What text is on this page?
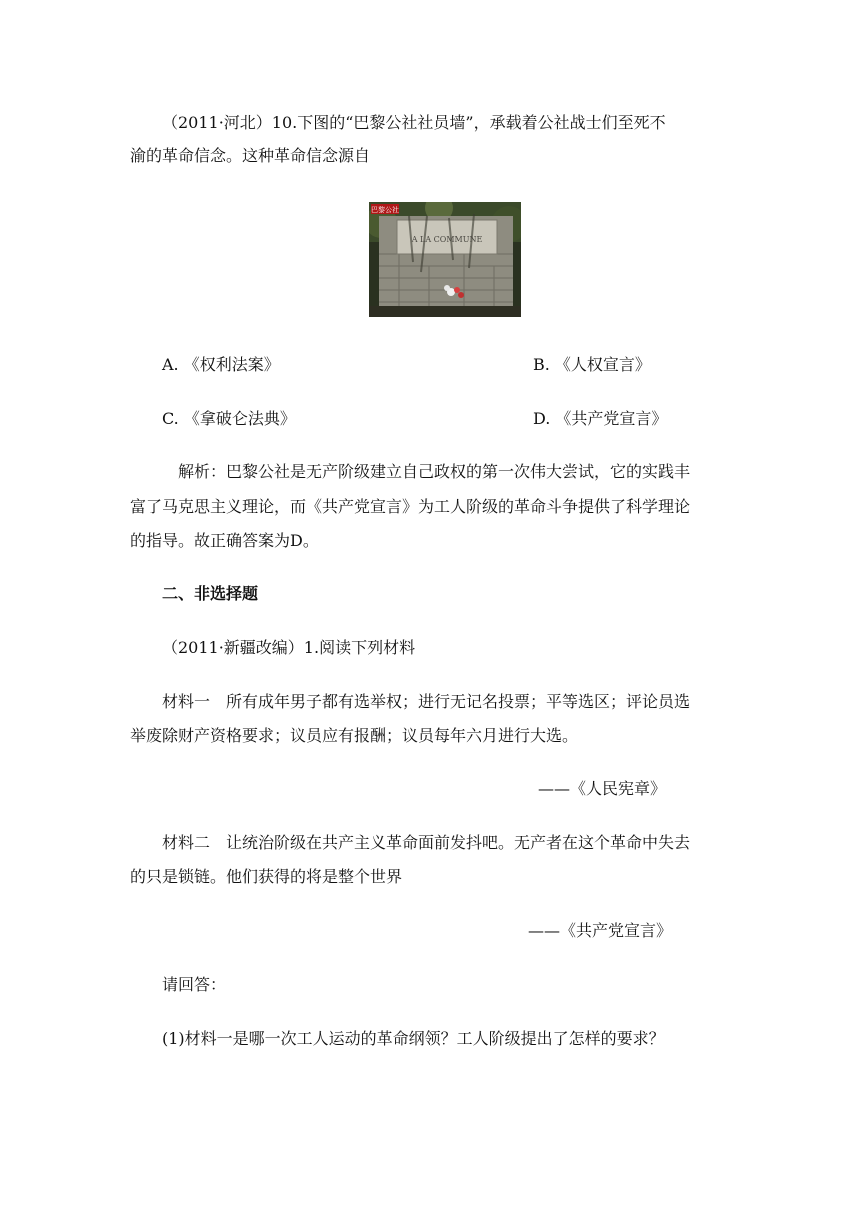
（2011·河北）10.下图的“巴黎公社社员墙”，承载着公社战士们至死不
渝的革命信念。这种革命信念源自
巴黎公社
A LA COMMUNE
A. 《权利法案》	B. 《人权宣言》
C. 《拿破仑法典》	D. 《共产党宣言》
解析：巴黎公社是无产阶级建立自己政权的第一次伟大尝试，它的实践丰
富了马克思主义理论，而《共产党宣言》为工人阶级的革命斗争提供了科学理论
的指导。故正确答案为D。
二、非选择题
（2011·新疆改编）1.阅读下列材料
材料一　所有成年男子都有选举权；进行无记名投票；平等选区；评论员选
举废除财产资格要求；议员应有报酬；议员每年六月进行大选。
——《人民宪章》
材料二　让统治阶级在共产主义革命面前发抖吧。无产者在这个革命中失去
的只是锁链。他们获得的将是整个世界
——《共产党宣言》
请回答：
(1)材料一是哪一次工人运动的革命纲领？工人阶级提出了怎样的要求？
